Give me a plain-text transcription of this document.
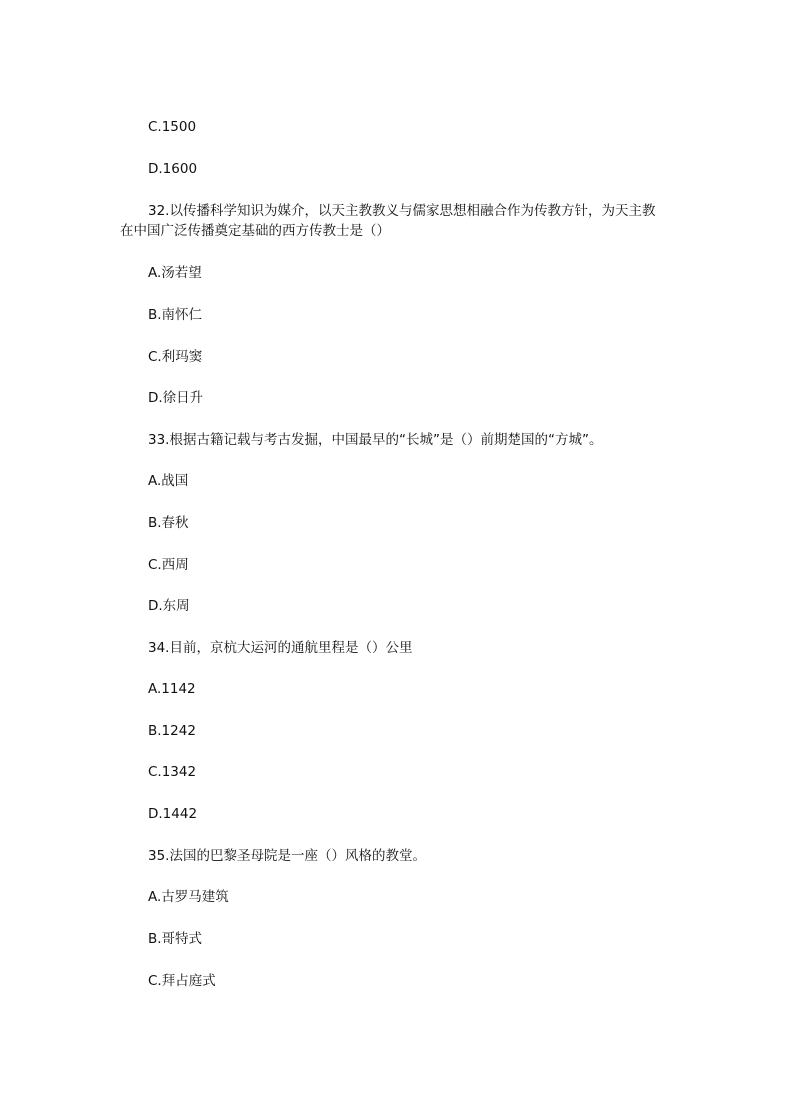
C.1500
D.1600
32.以传播科学知识为媒介，以天主教教义与儒家思想相融合作为传教方针，为天主教
在中国广泛传播奠定基础的西方传教士是（）
A.汤若望
B.南怀仁
C.利玛窦
D.徐日升
33.根据古籍记载与考古发掘，中国最早的“长城”是（）前期楚国的“方城”。
A.战国
B.春秋
C.西周
D.东周
34.目前，京杭大运河的通航里程是（）公里
A.1142
B.1242
C.1342
D.1442
35.法国的巴黎圣母院是一座（）风格的教堂。
A.古罗马建筑
B.哥特式
C.拜占庭式
